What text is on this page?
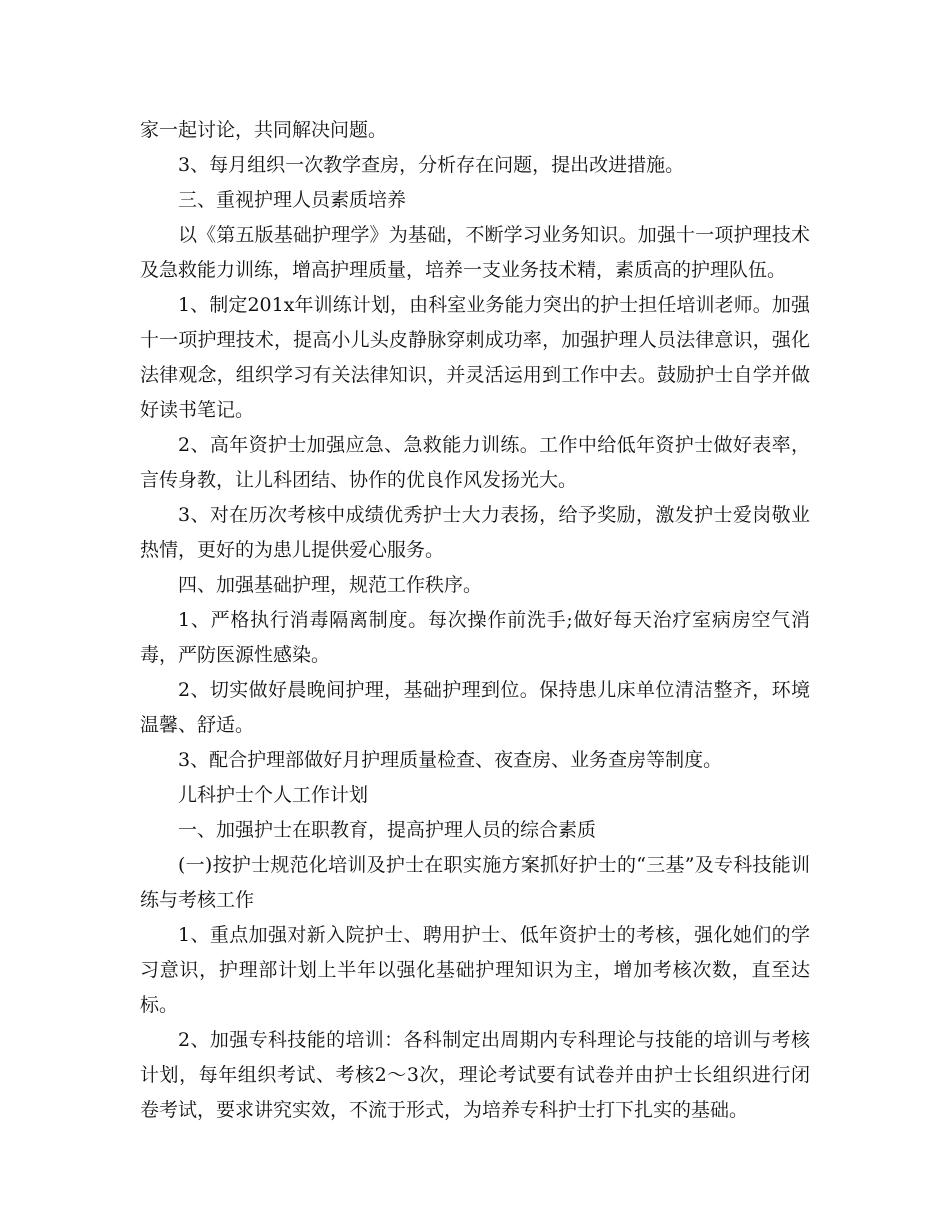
家一起讨论，共同解决问题。

3、每月组织一次教学查房，分析存在问题，提出改进措施。

三、重视护理人员素质培养

以《第五版基础护理学》为基础，不断学习业务知识。加强十一项护理技术及急救能力训练，增高护理质量，培养一支业务技术精，素质高的护理队伍。

1、制定201x年训练计划，由科室业务能力突出的护士担任培训老师。加强十一项护理技术，提高小儿头皮静脉穿刺成功率，加强护理人员法律意识，强化法律观念，组织学习有关法律知识，并灵活运用到工作中去。鼓励护士自学并做好读书笔记。

2、高年资护士加强应急、急救能力训练。工作中给低年资护士做好表率，言传身教，让儿科团结、协作的优良作风发扬光大。

3、对在历次考核中成绩优秀护士大力表扬，给予奖励，激发护士爱岗敬业热情，更好的为患儿提供爱心服务。

四、加强基础护理，规范工作秩序。

1、严格执行消毒隔离制度。每次操作前洗手;做好每天治疗室病房空气消毒，严防医源性感染。

2、切实做好晨晚间护理，基础护理到位。保持患儿床单位清洁整齐，环境温馨、舒适。

3、配合护理部做好月护理质量检查、夜查房、业务查房等制度。

儿科护士个人工作计划

一、加强护士在职教育，提高护理人员的综合素质

(一)按护士规范化培训及护士在职实施方案抓好护士的“三基”及专科技能训练与考核工作

1、重点加强对新入院护士、聘用护士、低年资护士的考核，强化她们的学习意识，护理部计划上半年以强化基础护理知识为主，增加考核次数，直至达标。

2、加强专科技能的培训：各科制定出周期内专科理论与技能的培训与考核计划，每年组织考试、考核2～3次，理论考试要有试卷并由护士长组织进行闭卷考试，要求讲究实效，不流于形式，为培养专科护士打下扎实的基础。
